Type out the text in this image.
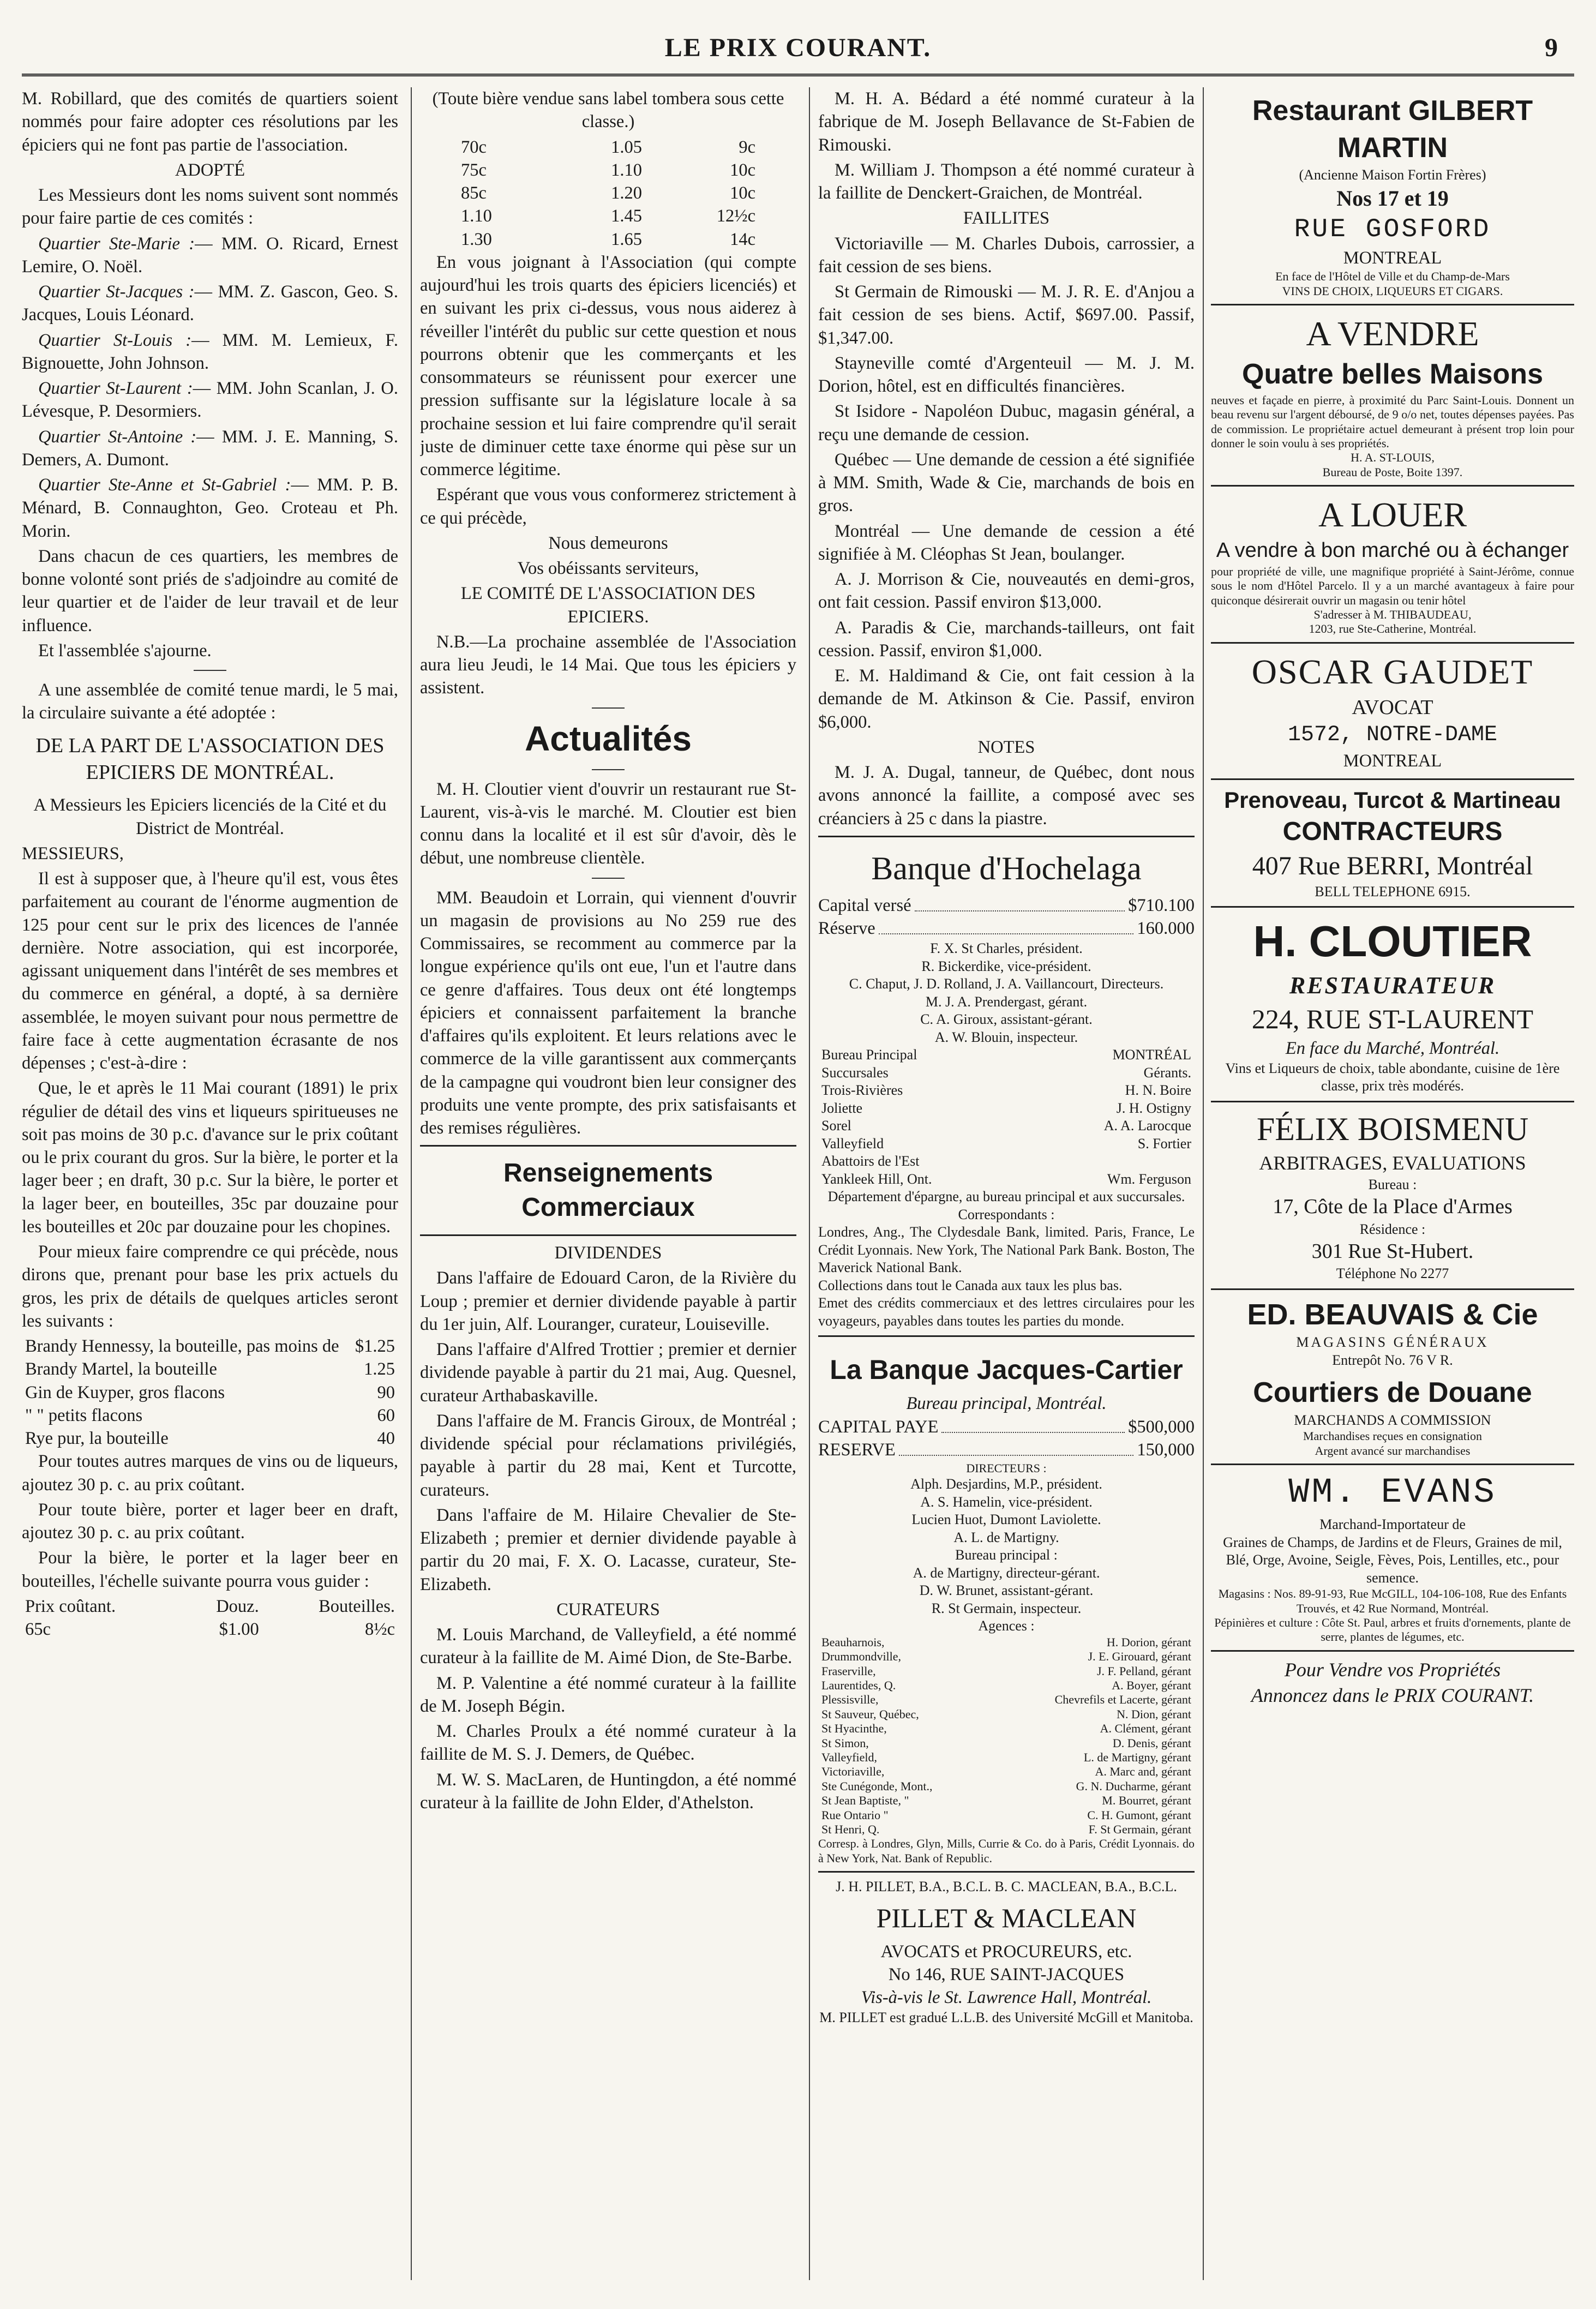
LE PRIX COURANT.	9

M. Robillard, que des comités de quartiers soient nommés pour faire adopter ces résolutions par les épiciers qui ne font pas partie de l'association.

ADOPTÉ

Les Messieurs dont les noms suivent sont nommés pour faire partie de ces comités :

Quartier Ste-Marie :— MM. O. Ricard, Ernest Lemire, O. Noël.

Quartier St-Jacques :— MM. Z. Gascon, Geo. S. Jacques, Louis Léonard.

Quartier St-Louis :— MM. M. Lemieux, F. Bignouette, John Johnson.

Quartier St-Laurent :— MM. John Scanlan, J. O. Lévesque, P. Desormiers.

Quartier St-Antoine :— MM. J. E. Manning, S. Demers, A. Dumont.

Quartier Ste-Anne et St-Gabriel :— MM. P. B. Ménard, B. Connaughton, Geo. Croteau et Ph. Morin.

Dans chacun de ces quartiers, les membres de bonne volonté sont priés de s'adjoindre au comité de leur quartier et de l'aider de leur travail et de leur influence.

Et l'assemblée s'ajourne.

A une assemblée de comité tenue mardi, le 5 mai, la circulaire suivante a été adoptée :

DE LA PART DE L'ASSOCIATION DES EPICIERS DE MONTRÉAL.

A Messieurs les Epiciers licenciés de la Cité et du District de Montréal.

MESSIEURS,

Il est à supposer que, à l'heure qu'il est, vous êtes parfaitement au courant de l'énorme augmention de 125 pour cent sur le prix des licences de l'année dernière. Notre association, qui est incorporée, agissant uniquement dans l'intérêt de ses membres et du commerce en général, a dopté, à sa dernière assemblée, le moyen suivant pour nous permettre de faire face à cette augmentation écrasante de nos dépenses ; c'est-à-dire :

Que, le et après le 11 Mai courant (1891) le prix régulier de détail des vins et liqueurs spiritueuses ne soit pas moins de 30 p.c. d'avance sur le prix coûtant ou le prix courant du gros. Sur la bière, le porter et la lager beer ; en draft, 30 p.c. Sur la bière, le porter et la lager beer, en bouteilles, 35c par douzaine pour les bouteilles et 20c par douzaine pour les chopines.

Pour mieux faire comprendre ce qui précède, nous dirons que, prenant pour base les prix actuels du gros, les prix de détails de quelques articles seront les suivants :

Brandy Hennessy, la bouteille, pas moins de	$1.25
Brandy Martel, la bouteille	1.25
Gin de Kuyper, gros flacons	90
" " petits flacons	60
Rye pur, la bouteille	40

Pour toutes autres marques de vins ou de liqueurs, ajoutez 30 p. c. au prix coûtant.

Pour toute bière, porter et lager beer en draft, ajoutez 30 p. c. au prix coûtant.

Pour la bière, le porter et la lager beer en bouteilles, l'échelle suivante pourra vous guider :

Prix coûtant.	Douz.	Bouteilles.
65c	$1.00	8½c

(Toute bière vendue sans label tombera sous cette classe.)

70c	1.05	9c
75c	1.10	10c
85c	1.20	10c
1.10	1.45	12½c
1.30	1.65	14c

En vous joignant à l'Association (qui compte aujourd'hui les trois quarts des épiciers licenciés) et en suivant les prix ci-dessus, vous nous aiderez à réveiller l'intérêt du public sur cette question et nous pourrons obtenir que les commerçants et les consommateurs se réunissent pour exercer une pression suffisante sur la législature locale à sa prochaine session et lui faire comprendre qu'il serait juste de diminuer cette taxe énorme qui pèse sur un commerce légitime.

Espérant que vous vous conformerez strictement à ce qui précède,

Nous demeurons

Vos obéissants serviteurs,

LE COMITÉ DE L'ASSOCIATION DES EPICIERS.

N.B.—La prochaine assemblée de l'Association aura lieu Jeudi, le 14 Mai. Que tous les épiciers y assistent.

Actualités

M. H. Cloutier vient d'ouvrir un restaurant rue St-Laurent, vis-à-vis le marché. M. Cloutier est bien connu dans la localité et il est sûr d'avoir, dès le début, une nombreuse clientèle.

MM. Beaudoin et Lorrain, qui viennent d'ouvrir un magasin de provisions au No 259 rue des Commissaires, se recomment au commerce par la longue expérience qu'ils ont eue, l'un et l'autre dans ce genre d'affaires. Tous deux ont été longtemps épiciers et connaissent parfaitement la branche d'affaires qu'ils exploitent. Et leurs relations avec le commerce de la ville garantissent aux commerçants de la campagne qui voudront bien leur consigner des produits une vente prompte, des prix satisfaisants et des remises régulières.

Renseignements Commerciaux

DIVIDENDES

Dans l'affaire de Edouard Caron, de la Rivière du Loup ; premier et dernier dividende payable à partir du 1er juin, Alf. Louranger, curateur, Louiseville.

Dans l'affaire d'Alfred Trottier ; premier et dernier dividende payable à partir du 21 mai, Aug. Quesnel, curateur Arthabaskaville.

Dans l'affaire de M. Francis Giroux, de Montréal ; dividende spécial pour réclamations privilégiés, payable à partir du 28 mai, Kent et Turcotte, curateurs.

Dans l'affaire de M. Hilaire Chevalier de Ste-Elizabeth ; premier et dernier dividende payable à partir du 20 mai, F. X. O. Lacasse, curateur, Ste-Elizabeth.

CURATEURS

M. Louis Marchand, de Valleyfield, a été nommé curateur à la faillite de M. Aimé Dion, de Ste-Barbe.

M. P. Valentine a été nommé curateur à la faillite de M. Joseph Bégin.

M. Charles Proulx a été nommé curateur à la faillite de M. S. J. Demers, de Québec.

M. W. S. MacLaren, de Huntingdon, a été nommé curateur à la faillite de John Elder, d'Athelston.

M. H. A. Bédard a été nommé curateur à la fabrique de M. Joseph Bellavance de St-Fabien de Rimouski.

M. William J. Thompson a été nommé curateur à la faillite de Denckert-Graichen, de Montréal.

FAILLITES

Victoriaville — M. Charles Dubois, carrossier, a fait cession de ses biens.

St Germain de Rimouski — M. J. R. E. d'Anjou a fait cession de ses biens. Actif, $697.00. Passif, $1,347.00.

Stayneville comté d'Argenteuil — M. J. M. Dorion, hôtel, est en difficultés financières.

St Isidore - Napoléon Dubuc, magasin général, a reçu une demande de cession.

Québec — Une demande de cession a été signifiée à MM. Smith, Wade & Cie, marchands de bois en gros.

Montréal — Une demande de cession a été signifiée à M. Cléophas St Jean, boulanger.

A. J. Morrison & Cie, nouveautés en demi-gros, ont fait cession. Passif environ $13,000.

A. Paradis & Cie, marchands-tailleurs, ont fait cession. Passif, environ $1,000.

E. M. Haldimand & Cie, ont fait cession à la demande de M. Atkinson & Cie. Passif, environ $6,000.

NOTES

M. J. A. Dugal, tanneur, de Québec, dont nous avons annoncé la faillite, a composé avec ses créanciers à 25 c dans la piastre.

Banque d'Hochelaga
Capital versé	$710.100
Réserve	160.000
F. X. St Charles, président.
R. Bickerdike, vice-président.
C. Chaput, J. D. Rolland, J. A. Vaillancourt, Directeurs.
M. J. A. Prendergast, gérant.
C. A. Giroux, assistant-gérant.
A. W. Blouin, inspecteur.
Bureau Principal	MONTRÉAL
Succursales	Gérants.
Trois-Rivières	H. N. Boire
Joliette	J. H. Ostigny
Sorel	A. A. Larocque
Valleyfield	S. Fortier
Abattoirs de l'Est	
Yankleek Hill, Ont.	Wm. Ferguson
Département d'épargne, au bureau principal et aux succursales.
Correspondants :
Londres, Ang., The Clydesdale Bank, limited. Paris, France, Le Crédit Lyonnais. New York, The National Park Bank. Boston, The Maverick National Bank.
Collections dans tout le Canada aux taux les plus bas.
Emet des crédits commerciaux et des lettres circulaires pour les voyageurs, payables dans toutes les parties du monde.
La Banque Jacques-Cartier
Bureau principal, Montréal.
CAPITAL PAYE	$500,000
RESERVE	150,000
DIRECTEURS :
Alph. Desjardins, M.P., président.
A. S. Hamelin, vice-président.
Lucien Huot, Dumont Laviolette.
A. L. de Martigny.
Bureau principal :
A. de Martigny, directeur-gérant.
D. W. Brunet, assistant-gérant.
R. St Germain, inspecteur.
Agences :
Beauharnois,	H. Dorion, gérant
Drummondville,	J. E. Girouard, gérant
Fraserville,	J. F. Pelland, gérant
Laurentides, Q.	A. Boyer, gérant
Plessisville,	Chevrefils et Lacerte, gérant
St Sauveur, Québec,	N. Dion, gérant
St Hyacinthe,	A. Clément, gérant
St Simon,	D. Denis, gérant
Valleyfield,	L. de Martigny, gérant
Victoriaville,	A. Marc and, gérant
Ste Cunégonde, Mont.,	G. N. Ducharme, gérant
St Jean Baptiste, "	M. Bourret, gérant
Rue Ontario "	C. H. Gumont, gérant
St Henri, Q.	F. St Germain, gérant
Corresp. à Londres, Glyn, Mills, Currie & Co. do à Paris, Crédit Lyonnais. do à New York, Nat. Bank of Republic.
J. H. PILLET, B.A., B.C.L. B. C. MACLEAN, B.A., B.C.L.
PILLET & MACLEAN
AVOCATS et PROCUREURS, etc.
No 146, RUE SAINT-JACQUES
Vis-à-vis le St. Lawrence Hall, Montréal.
M. PILLET est gradué L.L.B. des Université McGill et Manitoba.
Restaurant GILBERT MARTIN
(Ancienne Maison Fortin Frères)
Nos 17 et 19
RUE GOSFORD
MONTREAL
En face de l'Hôtel de Ville et du Champ-de-Mars
VINS DE CHOIX, LIQUEURS ET CIGARS.
A VENDRE
Quatre belles Maisons
neuves et façade en pierre, à proximité du Parc Saint-Louis. Donnent un beau revenu sur l'argent déboursé, de 9 o/o net, toutes dépenses payées. Pas de commission. Le propriétaire actuel demeurant à présent trop loin pour donner le soin voulu à ses propriétés.
H. A. ST-LOUIS,
Bureau de Poste, Boite 1397.
A LOUER
A vendre à bon marché ou à échanger
pour propriété de ville, une magnifique propriété à Saint-Jérôme, connue sous le nom d'Hôtel Parcelo. Il y a un marché avantageux à faire pour quiconque désirerait ouvrir un magasin ou tenir hôtel
S'adresser à M. THIBAUDEAU,
1203, rue Ste-Catherine, Montréal.
OSCAR GAUDET
AVOCAT
1572, NOTRE-DAME
MONTREAL
Prenoveau, Turcot & Martineau
CONTRACTEURS
407 Rue BERRI, Montréal
BELL TELEPHONE 6915.
H. CLOUTIER
RESTAURATEUR
224, RUE ST-LAURENT
En face du Marché, Montréal.
Vins et Liqueurs de choix, table abondante, cuisine de 1ère classe, prix très modérés.
FÉLIX BOISMENU
ARBITRAGES, EVALUATIONS
Bureau :
17, Côte de la Place d'Armes
Résidence :
301 Rue St-Hubert.
Téléphone No 2277
ED. BEAUVAIS & Cie
MAGASINS GÉNÉRAUX
Entrepôt No. 76 V R.
Courtiers de Douane
MARCHANDS A COMMISSION
Marchandises reçues en consignation
Argent avancé sur marchandises
WM. EVANS
Marchand-Importateur de
Graines de Champs, de Jardins et de Fleurs, Graines de mil, Blé, Orge, Avoine, Seigle, Fèves, Pois, Lentilles, etc., pour semence.
Magasins : Nos. 89-91-93, Rue McGILL, 104-106-108, Rue des Enfants Trouvés, et 42 Rue Normand, Montréal.
Pépinières et culture : Côte St. Paul, arbres et fruits d'ornements, plante de serre, plantes de légumes, etc.
Pour Vendre vos Propriétés
Annoncez dans le PRIX COURANT.
